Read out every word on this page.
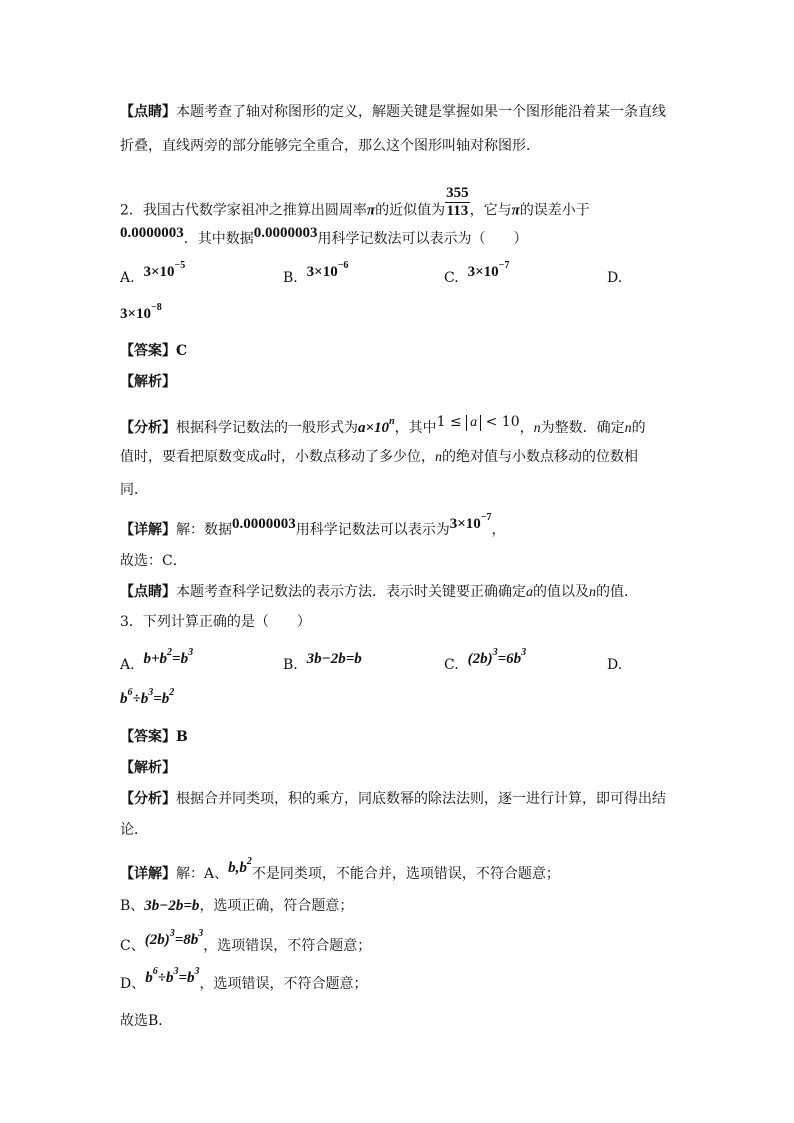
【点睛】本题考查了轴对称图形的定义，解题关键是掌握如果一个图形能沿着某一条直线
折叠，直线两旁的部分能够完全重合，那么这个图形叫轴对称图形．
2．我国古代数学家祖冲之推算出圆周率π的近似值为 $\frac{355}{113}$ ，它与π的误差小于
0.0000003．其中数据0.0000003用科学记数法可以表示为（　　）
A. $3\times 10^{-5}$
B. $3\times 10^{-6}$
C. $3\times 10^{-7}$
D.
$3\times 10^{-8}$
【答案】C
【解析】
【分析】根据科学记数法的一般形式为$a\times 10^n$，其中1 ≤ a < 10，n为整数．确定n的
值时，要看把原数变成a时，小数点移动了多少位，n的绝对值与小数点移动的位数相
同．
【详解】解：数据0.0000003用科学记数法可以表示为$3\times 10^{-7}$，
故选：C．
【点睛】本题考查科学记数法的表示方法．表示时关键要正确确定a的值以及n的值．
3．下列计算正确的是（　　）
A. $b+b^2=b^3$
B. 3b−2b=b	C. $(2b)^3=6b^3$
D.
$b^6\div b^3=b^2$
【答案】B
【解析】
【分析】根据合并同类项，积的乘方，同底数幂的除法法则，逐一进行计算，即可得出结
论．
【详解】解：A、$b,b^2$不是同类项，不能合并，选项错误，不符合题意；
B、3b−2b=b，选项正确，符合题意；
C、$(2b)^3=8b^3$，选项错误，不符合题意；
D、$b^6\div b^3=b^3$，选项错误，不符合题意；
故选B．
